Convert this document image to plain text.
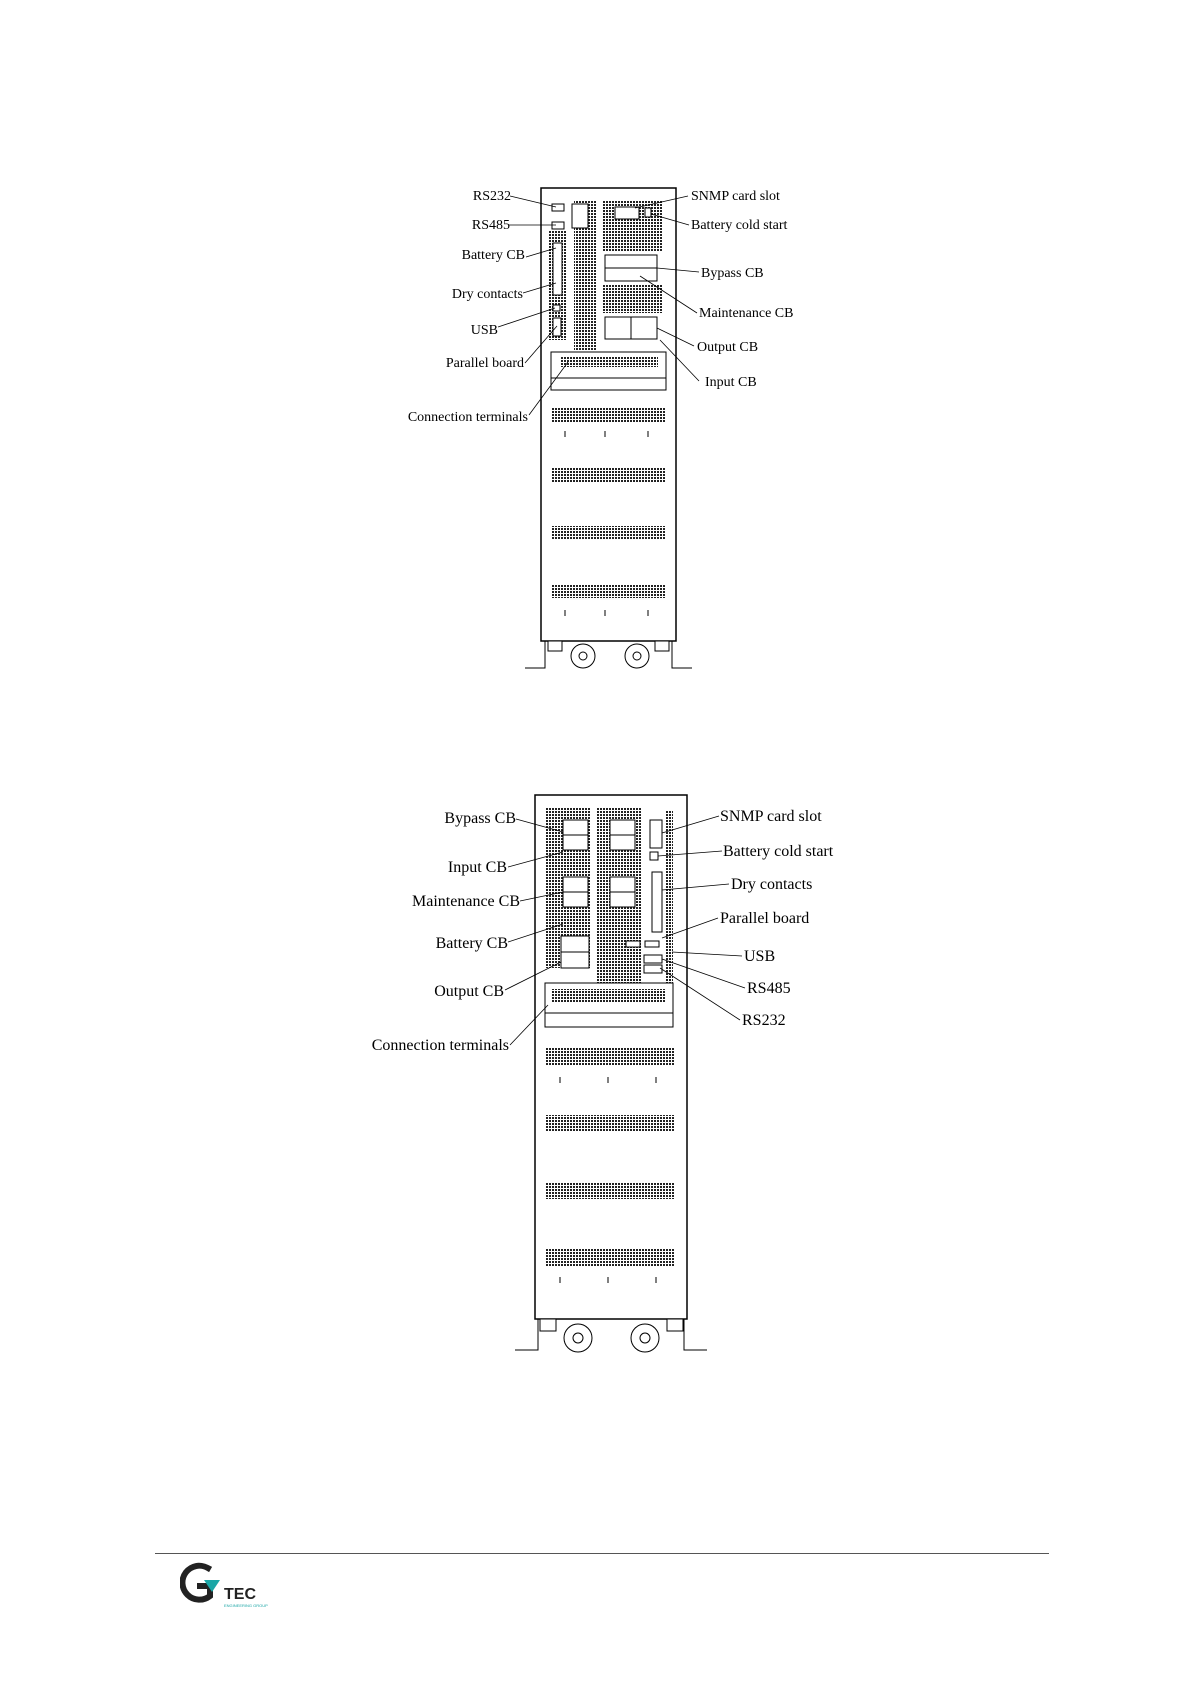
RS232
RS485
Battery CB
Dry contacts
USB
Parallel board
Connection terminals
SNMP card slot
Battery cold start
Bypass CB
Maintenance CB
Output CB
Input CB
Bypass CB
Input CB
Maintenance CB
Battery CB
Output CB
Connection terminals
SNMP card slot
Battery cold start
Dry contacts
Parallel board
USB
RS485
RS232
TEC
ENGINEERING GROUP
